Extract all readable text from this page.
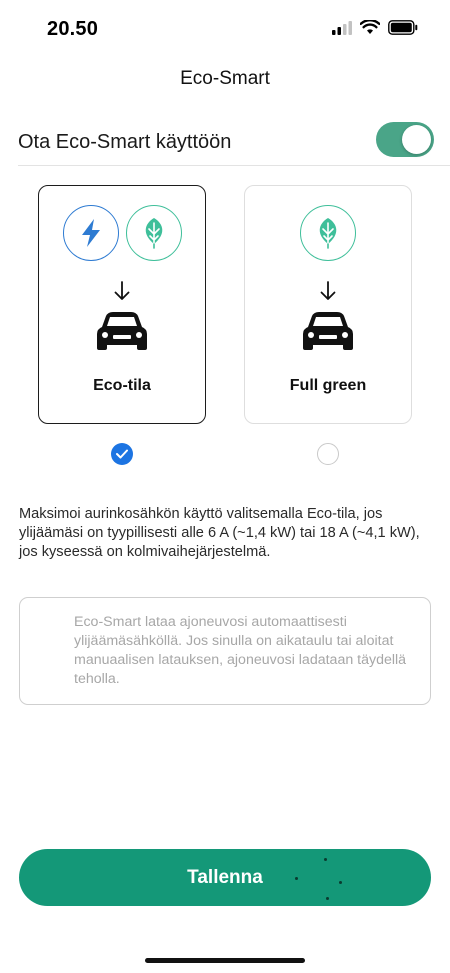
20.50
Eco-Smart
Ota Eco-Smart käyttöön
Eco-tila	Full green

Maksimoi aurinkosähkön käyttö valitsemalla Eco-tila, jos ylijäämäsi on tyypillisesti alle 6 A (~1,4 kW) tai 18 A (~4,1 kW), jos kyseessä on kolmivaihejärjestelmä.

Eco-Smart lataa ajoneuvosi automaattisesti ylijäämäsähköllä. Jos sinulla on aikataulu tai aloitat manuaalisen latauksen, ajoneuvosi ladataan täydellä teholla.

Tallenna
